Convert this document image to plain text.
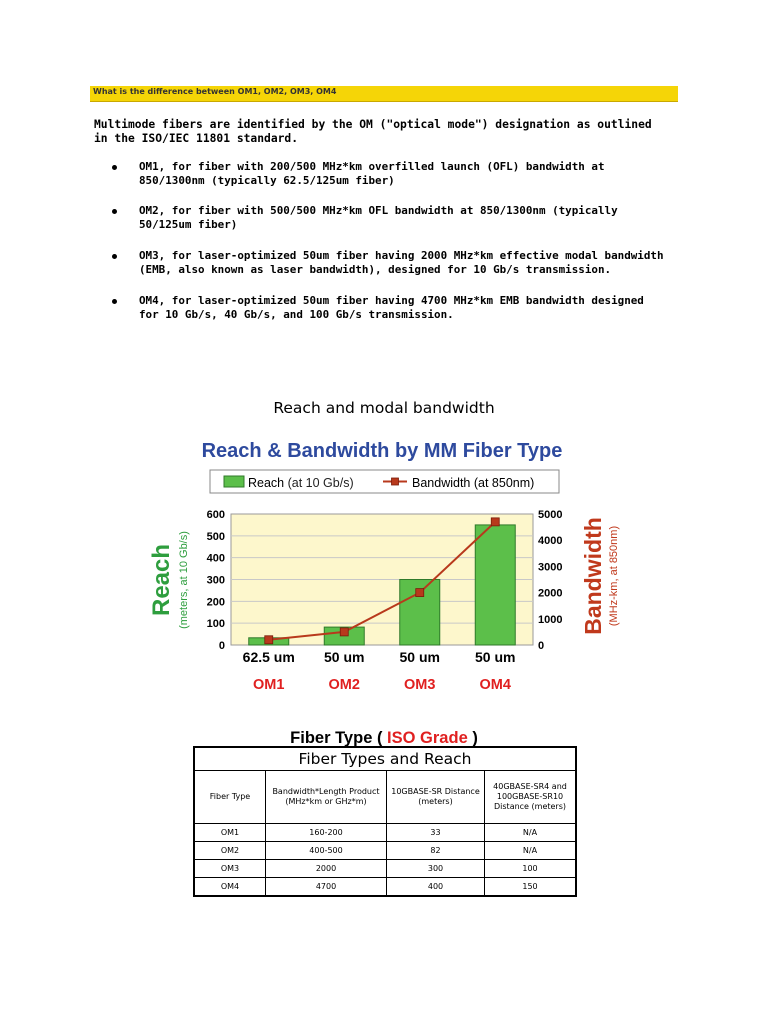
What is the difference between OM1, OM2, OM3, OM4
Multimode fibers are identified by the OM ("optical mode") designation as outlined in the ISO/IEC 11801 standard.
OM1, for fiber with 200/500 MHz*km overfilled launch (OFL) bandwidth at 850/1300nm (typically 62.5/125um fiber)
OM2, for fiber with 500/500 MHz*km OFL bandwidth at 850/1300nm (typically 50/125um fiber)
OM3, for laser-optimized 50um fiber having 2000 MHz*km effective modal bandwidth (EMB, also known as laser bandwidth), designed for 10 Gb/s transmission.
OM4, for laser-optimized 50um fiber having 4700 MHz*km EMB bandwidth designed for 10 Gb/s, 40 Gb/s, and 100 Gb/s transmission.
Reach and modal bandwidth
Reach & Bandwidth by MM Fiber Type
Reach (at 10 Gb/s)	Bandwidth (at 850nm)
0
100
200
300
400
500
600
0
1000
2000
3000
4000
5000
62.5 um
OM1
50 um
OM2
50 um
OM3
50 um
OM4
Reach (meters, at 10 Gb/s)	Bandwidth (MHz-km, at 850nm)
Fiber Type ( ISO Grade )
Fiber Types and Reach			
Fiber Type	Bandwidth*Length Product (MHz*km or GHz*m)	10GBASE-SR Distance (meters)	40GBASE-SR4 and 100GBASE-SR10 Distance (meters)
OM1	160-200	33	N/A
OM2	400-500	82	N/A
OM3	2000	300	100
OM4	4700	400	150
